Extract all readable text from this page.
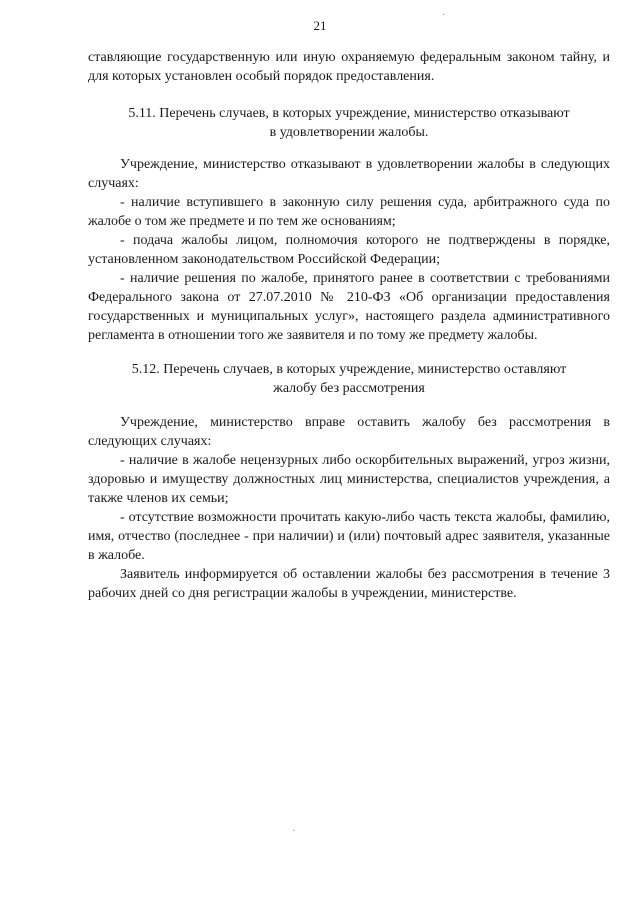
21

ставляющие государственную или иную охраняемую федеральным законом тайну, и для которых установлен особый порядок предоставления.

5.11. Перечень случаев, в которых учреждение, министерство отказывают
в удовлетворении жалобы.
Учреждение, министерство отказывают в удовлетворении жалобы в следующих случаях:
- наличие вступившего в законную силу решения суда, арбитражного суда по жалобе о том же предмете и по тем же основаниям;
- подача жалобы лицом, полномочия которого не подтверждены в порядке, установленном законодательством Российской Федерации;
- наличие решения по жалобе, принятого ранее в соответствии с требованиями Федерального закона от 27.07.2010 № 210-ФЗ «Об организации предоставления государственных и муниципальных услуг», настоящего раздела административного регламента в отношении того же заявителя и по тому же предмету жалобы.
5.12. Перечень случаев, в которых учреждение, министерство оставляют
жалобу без рассмотрения
Учреждение, министерство вправе оставить жалобу без рассмотрения в следующих случаях:
- наличие в жалобе нецензурных либо оскорбительных выражений, угроз жизни, здоровью и имуществу должностных лиц министерства, специалистов учреждения, а также членов их семьи;
- отсутствие возможности прочитать какую-либо часть текста жалобы, фамилию, имя, отчество (последнее - при наличии) и (или) почтовый адрес заявителя, указанные в жалобе.
Заявитель информируется об оставлении жалобы без рассмотрения в течение 3 рабочих дней со дня регистрации жалобы в учреждении, министерстве.
·
·
